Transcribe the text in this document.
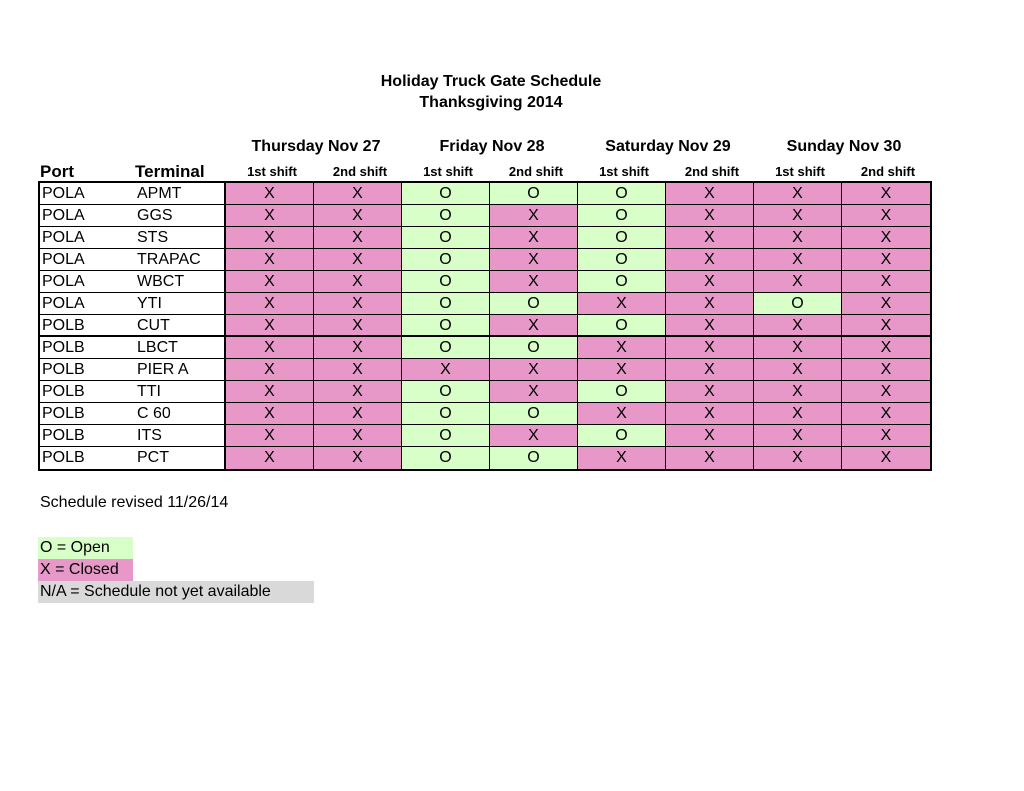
Holiday Truck Gate Schedule
Thanksgiving 2014
Thursday Nov 27	Friday Nov 28	Saturday Nov 29	Sunday Nov 30
Port	Terminal	1st shift	2nd shift	1st shift	2nd shift	1st shift	2nd shift	1st shift	2nd shift
POLA	APMT	X	X	O	O	O	X	X	X
POLA	GGS	X	X	O	X	O	X	X	X
POLA	STS	X	X	O	X	O	X	X	X
POLA	TRAPAC	X	X	O	X	O	X	X	X
POLA	WBCT	X	X	O	X	O	X	X	X
POLA	YTI	X	X	O	O	X	X	O	X
POLB	CUT	X	X	O	X	O	X	X	X
POLB	LBCT	X	X	O	O	X	X	X	X
POLB	PIER A	X	X	X	X	X	X	X	X
POLB	TTI	X	X	O	X	O	X	X	X
POLB	C 60	X	X	O	O	X	X	X	X
POLB	ITS	X	X	O	X	O	X	X	X
POLB	PCT	X	X	O	O	X	X	X	X
Schedule revised 11/26/14
O = Open
X = Closed
N/A = Schedule not yet available
